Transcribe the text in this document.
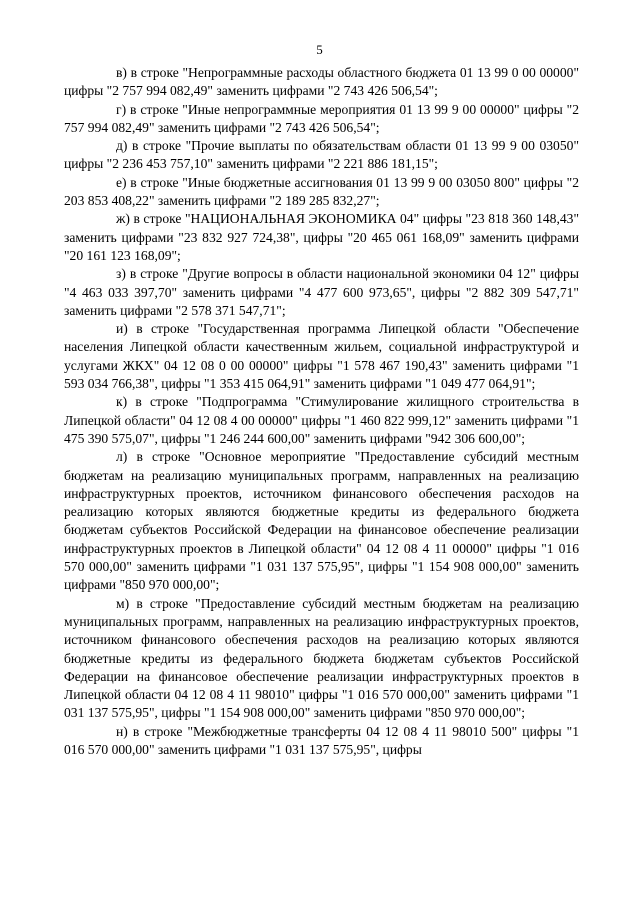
5

в) в строке "Непрограммные расходы областного бюджета 01 13 99 0 00 00000" цифры "2 757 994 082,49" заменить цифрами "2 743 426 506,54";

г) в строке "Иные непрограммные мероприятия 01 13 99 9 00 00000" цифры "2 757 994 082,49" заменить цифрами "2 743 426 506,54";

д) в строке "Прочие выплаты по обязательствам области 01 13 99 9 00 03050" цифры "2 236 453 757,10" заменить цифрами "2 221 886 181,15";

е) в строке "Иные бюджетные ассигнования 01 13 99 9 00 03050 800" цифры "2 203 853 408,22" заменить цифрами "2 189 285 832,27";

ж) в строке "НАЦИОНАЛЬНАЯ ЭКОНОМИКА 04" цифры "23 818 360 148,43" заменить цифрами "23 832 927 724,38", цифры "20 465 061 168,09" заменить цифрами "20 161 123 168,09";

з) в строке "Другие вопросы в области национальной экономики 04 12" цифры "4 463 033 397,70" заменить цифрами "4 477 600 973,65", цифры "2 882 309 547,71" заменить цифрами "2 578 371 547,71";

и) в строке "Государственная программа Липецкой области "Обеспечение населения Липецкой области качественным жильем, социальной инфраструктурой и услугами ЖКХ" 04 12 08 0 00 00000" цифры "1 578 467 190,43" заменить цифрами "1 593 034 766,38", цифры "1 353 415 064,91" заменить цифрами "1 049 477 064,91";

к) в строке "Подпрограмма "Стимулирование жилищного строительства в Липецкой области" 04 12 08 4 00 00000" цифры "1 460 822 999,12" заменить цифрами "1 475 390 575,07", цифры "1 246 244 600,00" заменить цифрами "942 306 600,00";

л) в строке "Основное мероприятие "Предоставление субсидий местным бюджетам на реализацию муниципальных программ, направленных на реализацию инфраструктурных проектов, источником финансового обеспечения расходов на реализацию которых являются бюджетные кредиты из федерального бюджета бюджетам субъектов Российской Федерации на финансовое обеспечение реализации инфраструктурных проектов в Липецкой области" 04 12 08 4 11 00000" цифры "1 016 570 000,00" заменить цифрами "1 031 137 575,95", цифры "1 154 908 000,00" заменить цифрами "850 970 000,00";

м) в строке "Предоставление субсидий местным бюджетам на реализацию муниципальных программ, направленных на реализацию инфраструктурных проектов, источником финансового обеспечения расходов на реализацию которых являются бюджетные кредиты из федерального бюджета бюджетам субъектов Российской Федерации на финансовое обеспечение реализации инфраструктурных проектов в Липецкой области 04 12 08 4 11 98010" цифры "1 016 570 000,00" заменить цифрами "1 031 137 575,95", цифры "1 154 908 000,00" заменить цифрами "850 970 000,00";

н) в строке "Межбюджетные трансферты 04 12 08 4 11 98010 500" цифры "1 016 570 000,00" заменить цифрами "1 031 137 575,95", цифры
